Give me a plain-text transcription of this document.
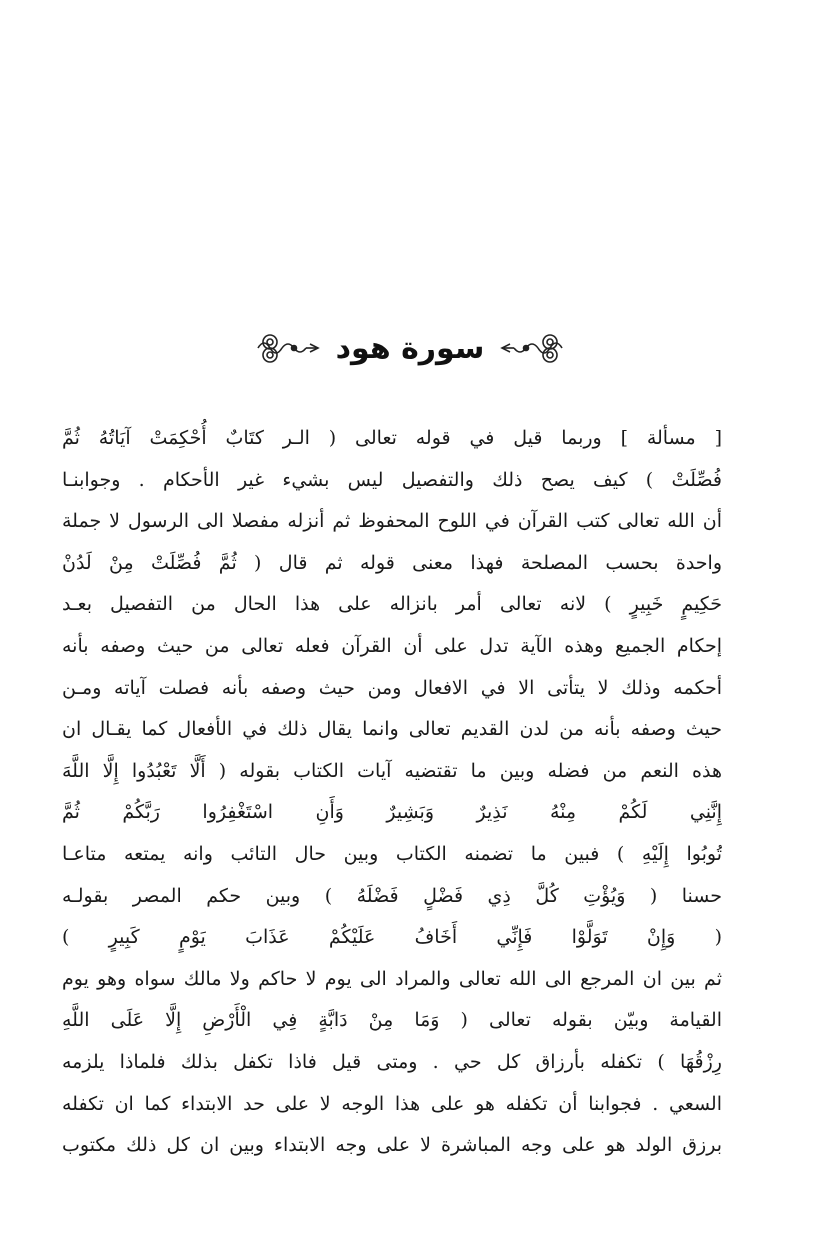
سورة هود
[ مسألة ] وربما قيل في قوله تعالى ( الـر كتَابٌ أُحْكِمَتْ آيَاتُهُ ثُمَّ
فُصِّلَتْ ) كيف يصح ذلك والتفصيل ليس بشيء غير الأحكام . وجوابنـا
أن الله تعالى كتب القرآن في اللوح المحفوظ ثم أنزله مفصلا الى الرسول لا جملة
واحدة بحسب المصلحة فهذا معنى قوله ثم قال ( ثُمَّ فُصِّلَتْ مِنْ لَدُنْ
حَكِيمٍ خَبِيرٍ ) لانه تعالى أمر بانزاله على هذا الحال من التفصيل بعـد
إحكام الجميع وهذه الآية تدل على أن القرآن فعله تعالى من حيث وصفه بأنه
أحكمه وذلك لا يتأتى الا في الافعال ومن حيث وصفه بأنه فصلت آياته ومـن
حيث وصفه بأنه من لدن القديم تعالى وانما يقال ذلك في الأفعال كما يقـال ان
هذه النعم من فضله وبين ما تقتضيه آيات الكتاب بقوله ( أَلَّا تَعْبُدُوا إِلَّا اللَّهَ
إِنَّنِي لَكُمْ مِنْهُ نَذِيرٌ وَبَشِيرٌ وَأَنِ اسْتَغْفِرُوا رَبَّكُمْ ثُمَّ
تُوبُوا إِلَيْهِ ) فبين ما تضمنه الكتاب وبين حال التائب وانه يمتعه متاعـا
حسنا ( وَيُؤْتِ كُلَّ ذِي فَضْلٍ فَضْلَهُ ) وبين حكم المصر بقولـه
( وَإِنْ تَوَلَّوْا فَإِنِّي أَخَافُ عَلَيْكُمْ عَذَابَ يَوْمٍ كَبِيرٍ )
ثم بين ان المرجع الى الله تعالى والمراد الى يوم لا حاكم ولا مالك سواه وهو يوم
القيامة وبيّن بقوله تعالى ( وَمَا مِنْ دَابَّةٍ فِي الْأَرْضِ إِلَّا عَلَى اللَّهِ
رِزْقُهَا ) تكفله بأرزاق كل حي . ومتى قيل فاذا تكفل بذلك فلماذا يلزمه
السعي . فجوابنا أن تكفله هو على هذا الوجه لا على حد الابتداء كما ان تكفله
برزق الولد هو على وجه المباشرة لا على وجه الابتداء وبين ان كل ذلك مكتوب
